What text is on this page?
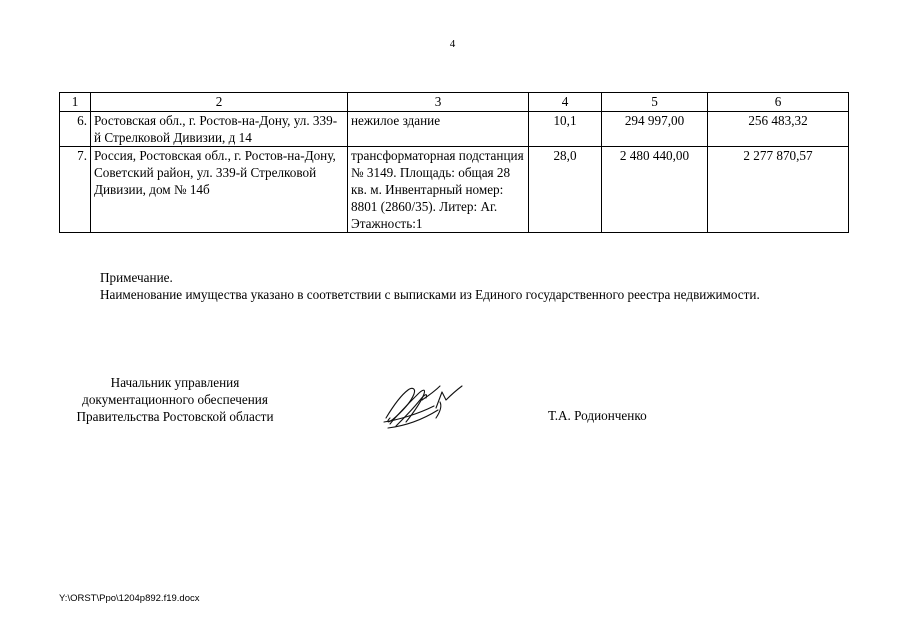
4
1	2	3	4	5	6
6.	Ростовская обл., г. Ростов-на-Дону, ул. 339-й Стрелковой Дивизии, д 14	нежилое здание	10,1	294 997,00	256 483,32
7.	Россия, Ростовская обл., г. Ростов-на-Дону, Советский район, ул. 339-й Стрелковой Дивизии, дом № 14б	трансформаторная подстанция № 3149. Площадь: общая 28 кв. м. Инвентарный номер: 8801 (2860/35). Литер: Аг. Этажность:1	28,0	2 480 440,00	2 277 870,57
Примечание.
Наименование имущества указано в соответствии с выписками из Единого государственного реестра недвижимости.
Начальник управления
документационного обеспечения
Правительства Ростовской области	Т.А. Родионченко
Y:\ORST\Ppo\1204p892.f19.docx
